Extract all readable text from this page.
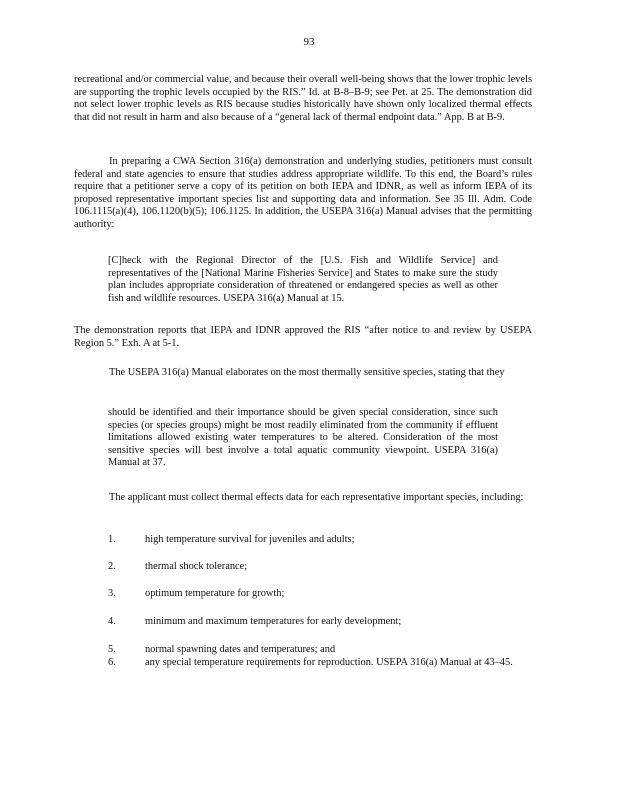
93

recreational and/or commercial value, and because their overall well-being shows that the lower trophic levels are supporting the trophic levels occupied by the RIS.” Id. at B-8–B-9; see Pet. at 25. The demonstration did not select lower trophic levels as RIS because studies historically have shown only localized thermal effects that did not result in harm and also because of a “general lack of thermal endpoint data.” App. B at B-9.

In preparing a CWA Section 316(a) demonstration and underlying studies, petitioners must consult federal and state agencies to ensure that studies address appropriate wildlife. To this end, the Board’s rules require that a petitioner serve a copy of its petition on both IEPA and IDNR, as well as inform IEPA of its proposed representative important species list and supporting data and information. See 35 Ill. Adm. Code 106.1115(a)(4), 106.1120(b)(5); 106.1125. In addition, the USEPA 316(a) Manual advises that the permitting authority:

[C]heck with the Regional Director of the [U.S. Fish and Wildlife Service] and representatives of the [National Marine Fisheries Service] and States to make sure the study plan includes appropriate consideration of threatened or endangered species as well as other fish and wildlife resources. USEPA 316(a) Manual at 15.

The demonstration reports that IEPA and IDNR approved the RIS “after notice to and review by USEPA Region 5.” Exh. A at 5-1.

The USEPA 316(a) Manual elaborates on the most thermally sensitive species, stating that they

should be identified and their importance should be given special consideration, since such species (or species groups) might be most readily eliminated from the community if effluent limitations allowed existing water temperatures to be altered. Consideration of the most sensitive species will best involve a total aquatic community viewpoint. USEPA 316(a) Manual at 37.

The applicant must collect thermal effects data for each representative important species, including:

1.	high temperature survival for juveniles and adults;
2.	thermal shock tolerance;
3.	optimum temperature for growth;
4.	minimum and maximum temperatures for early development;
5.	normal spawning dates and temperatures; and
6.	any special temperature requirements for reproduction. USEPA 316(a) Manual at 43–45.
